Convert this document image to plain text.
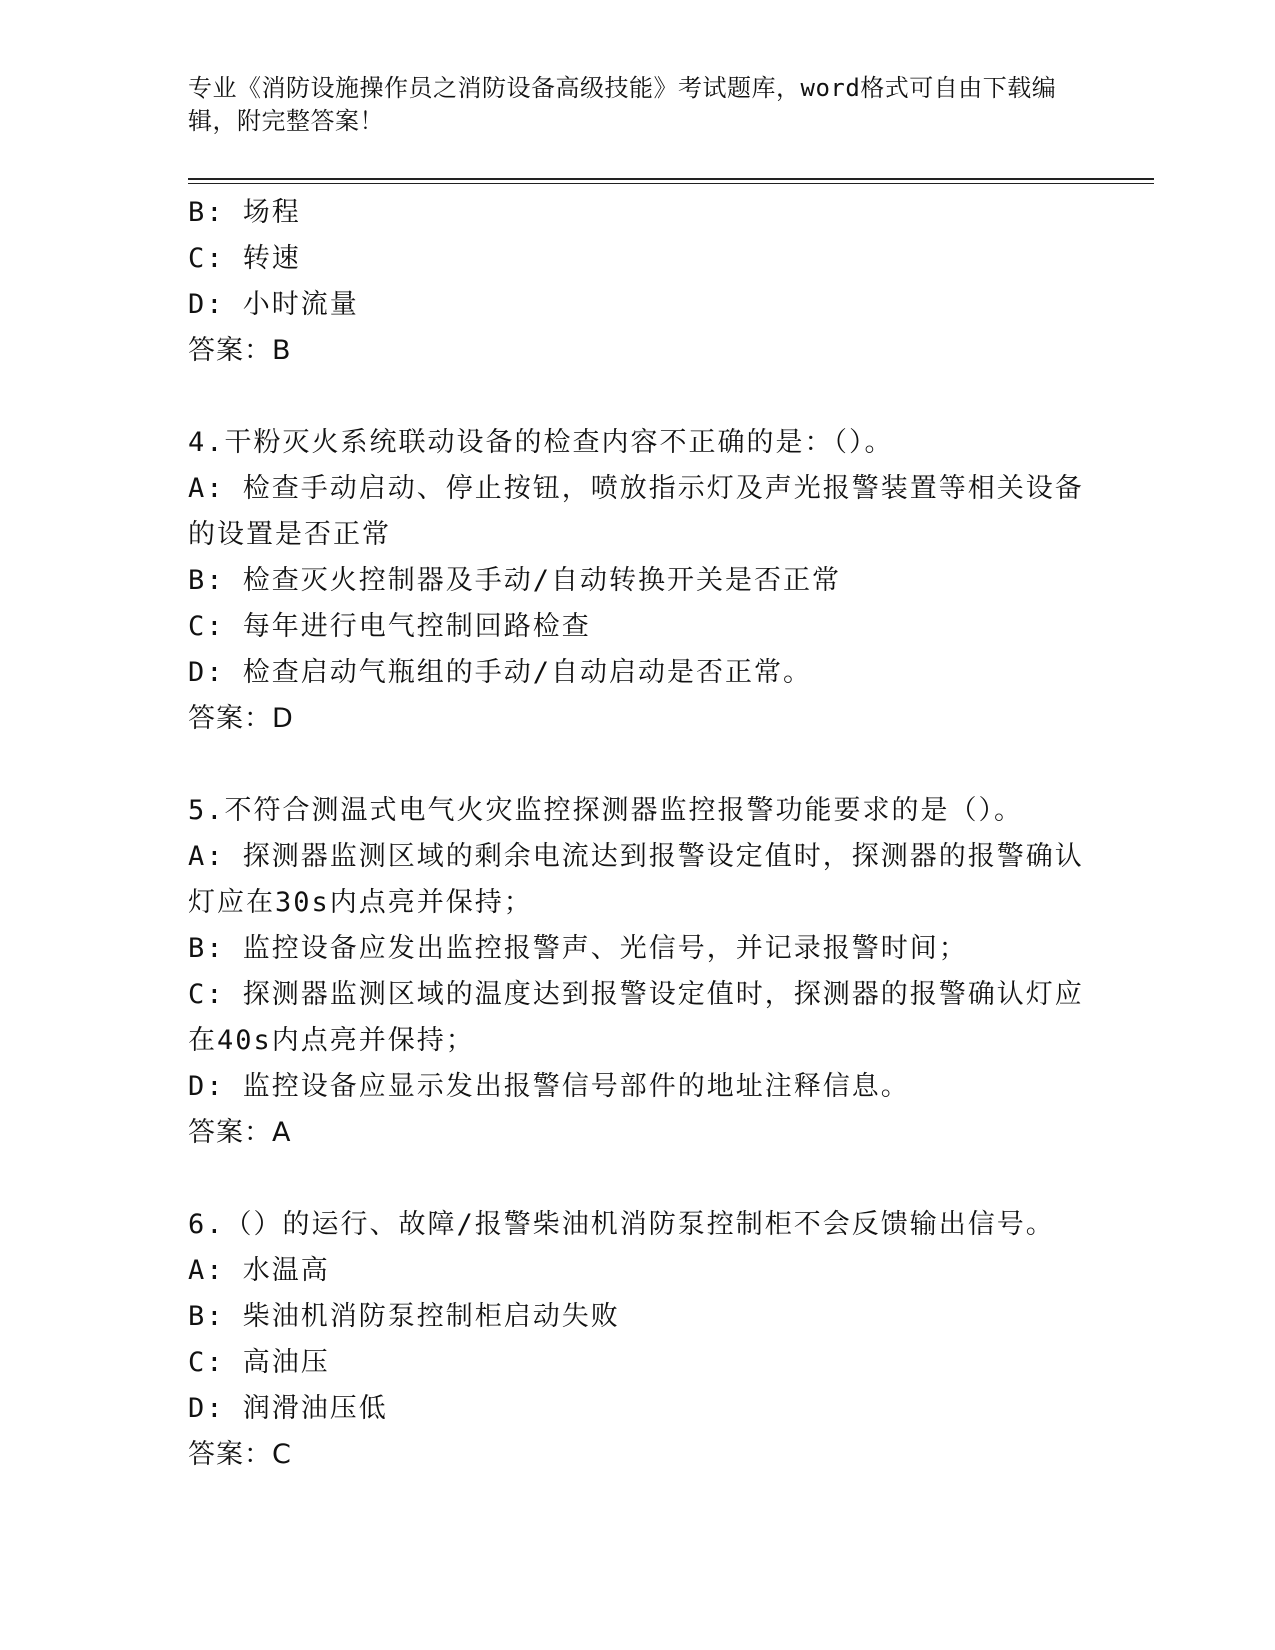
专业《消防设施操作员之消防设备高级技能》考试题库，word格式可自由下载编辑，附完整答案！

B: 场程

C: 转速

D: 小时流量

答案：B

4.干粉灭火系统联动设备的检查内容不正确的是：（）。

A: 检查手动启动、停止按钮，喷放指示灯及声光报警装置等相关设备的设置是否正常

B: 检查灭火控制器及手动/自动转换开关是否正常

C: 每年进行电气控制回路检查

D: 检查启动气瓶组的手动/自动启动是否正常。

答案：D

5.不符合测温式电气火灾监控探测器监控报警功能要求的是（）。

A: 探测器监测区域的剩余电流达到报警设定值时，探测器的报警确认灯应在30s内点亮并保持；

B: 监控设备应发出监控报警声、光信号，并记录报警时间；

C: 探测器监测区域的温度达到报警设定值时，探测器的报警确认灯应在40s内点亮并保持；

D: 监控设备应显示发出报警信号部件的地址注释信息。

答案：A

6.（）的运行、故障/报警柴油机消防泵控制柜不会反馈输出信号。

A: 水温高

B: 柴油机消防泵控制柜启动失败

C: 高油压

D: 润滑油压低

答案：C
